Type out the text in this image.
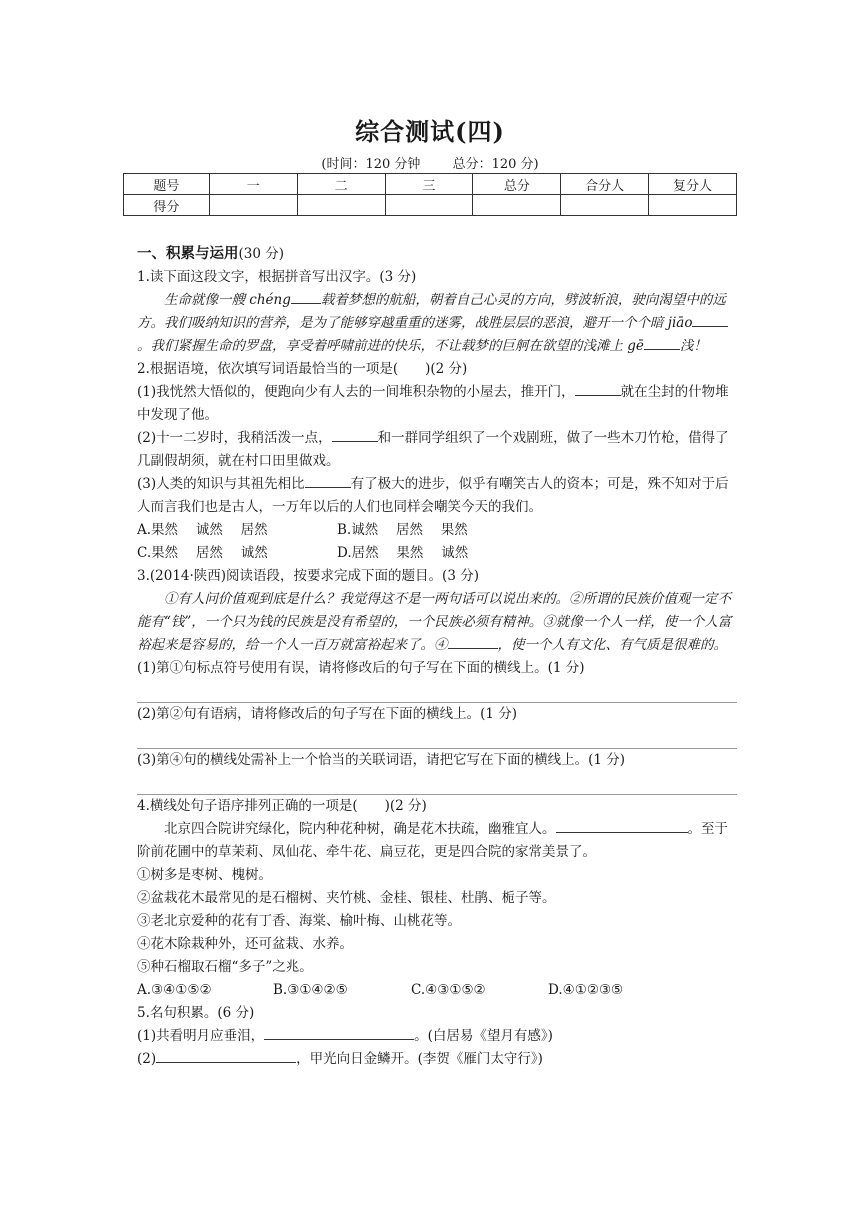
综合测试(四)
(时间：120 分钟 总分：120 分)
题号	一	二	三	总分	合分人	复分人
得分						

一、积累与运用(30 分)

1.读下面这段文字，根据拼音写出汉字。(3 分)

生命就像一艘 chéng 载着梦想的航船，朝着自己心灵的方向，劈波斩浪，驶向渴望中的远方。我们吸纳知识的营养，是为了能够穿越重重的迷雾，战胜层层的恶浪，避开一个个暗 jiāo。我们紧握生命的罗盘，享受着呼啸前进的快乐，不让载梦的巨舸在欲望的浅滩上 gē	浅！

2.根据语境，依次填写词语最恰当的一项是(　　)(2 分)

(1)我恍然大悟似的，便跑向少有人去的一间堆积杂物的小屋去，推开门，	就在尘封的什物堆中发现了他。

(2)十一二岁时，我稍活泼一点，	和一群同学组织了一个戏剧班，做了一些木刀竹枪，借得了几副假胡须，就在村口田里做戏。

(3)人类的知识与其祖先相比	有了极大的进步，似乎有嘲笑古人的资本；可是，殊不知对于后人而言我们也是古人，一万年以后的人们也同样会嘲笑今天的我们。

A.果然　 诚然　 居然	B.诚然　 居然　 果然
C.果然　 居然　 诚然	D.居然　 果然　 诚然

3.(2014·陕西)阅读语段，按要求完成下面的题目。(3 分)

①有人问价值观到底是什么？我觉得这不是一两句话可以说出来的。②所谓的民族价值观一定不能有“钱”，一个只为钱的民族是没有希望的，一个民族必须有精神。③就像一个人一样，使一个人富裕起来是容易的，给一个人一百万就富裕起来了。④	，使一个人有文化、有气质是很难的。

(1)第①句标点符号使用有误，请将修改后的句子写在下面的横线上。(1 分)

(2)第②句有语病，请将修改后的句子写在下面的横线上。(1 分)

(3)第④句的横线处需补上一个恰当的关联词语，请把它写在下面的横线上。(1 分)

4.横线处句子语序排列正确的一项是(　　)(2 分)

北京四合院讲究绿化，院内种花种树，确是花木扶疏，幽雅宜人。	。至于阶前花圃中的草茉莉、凤仙花、牵牛花、扁豆花，更是四合院的家常美景了。

①树多是枣树、槐树。

②盆栽花木最常见的是石榴树、夹竹桃、金桂、银桂、杜鹃、栀子等。

③老北京爱种的花有丁香、海棠、榆叶梅、山桃花等。

④花木除栽种外，还可盆栽、水养。

⑤种石榴取石榴“多子”之兆。

A.③④①⑤②	B.③①④②⑤	C.④③①⑤②	D.④①②③⑤

5.名句积累。(6 分)

(1)共看明月应垂泪，	。(白居易《望月有感》)

(2)	，甲光向日金鳞开。(李贺《雁门太守行》)
